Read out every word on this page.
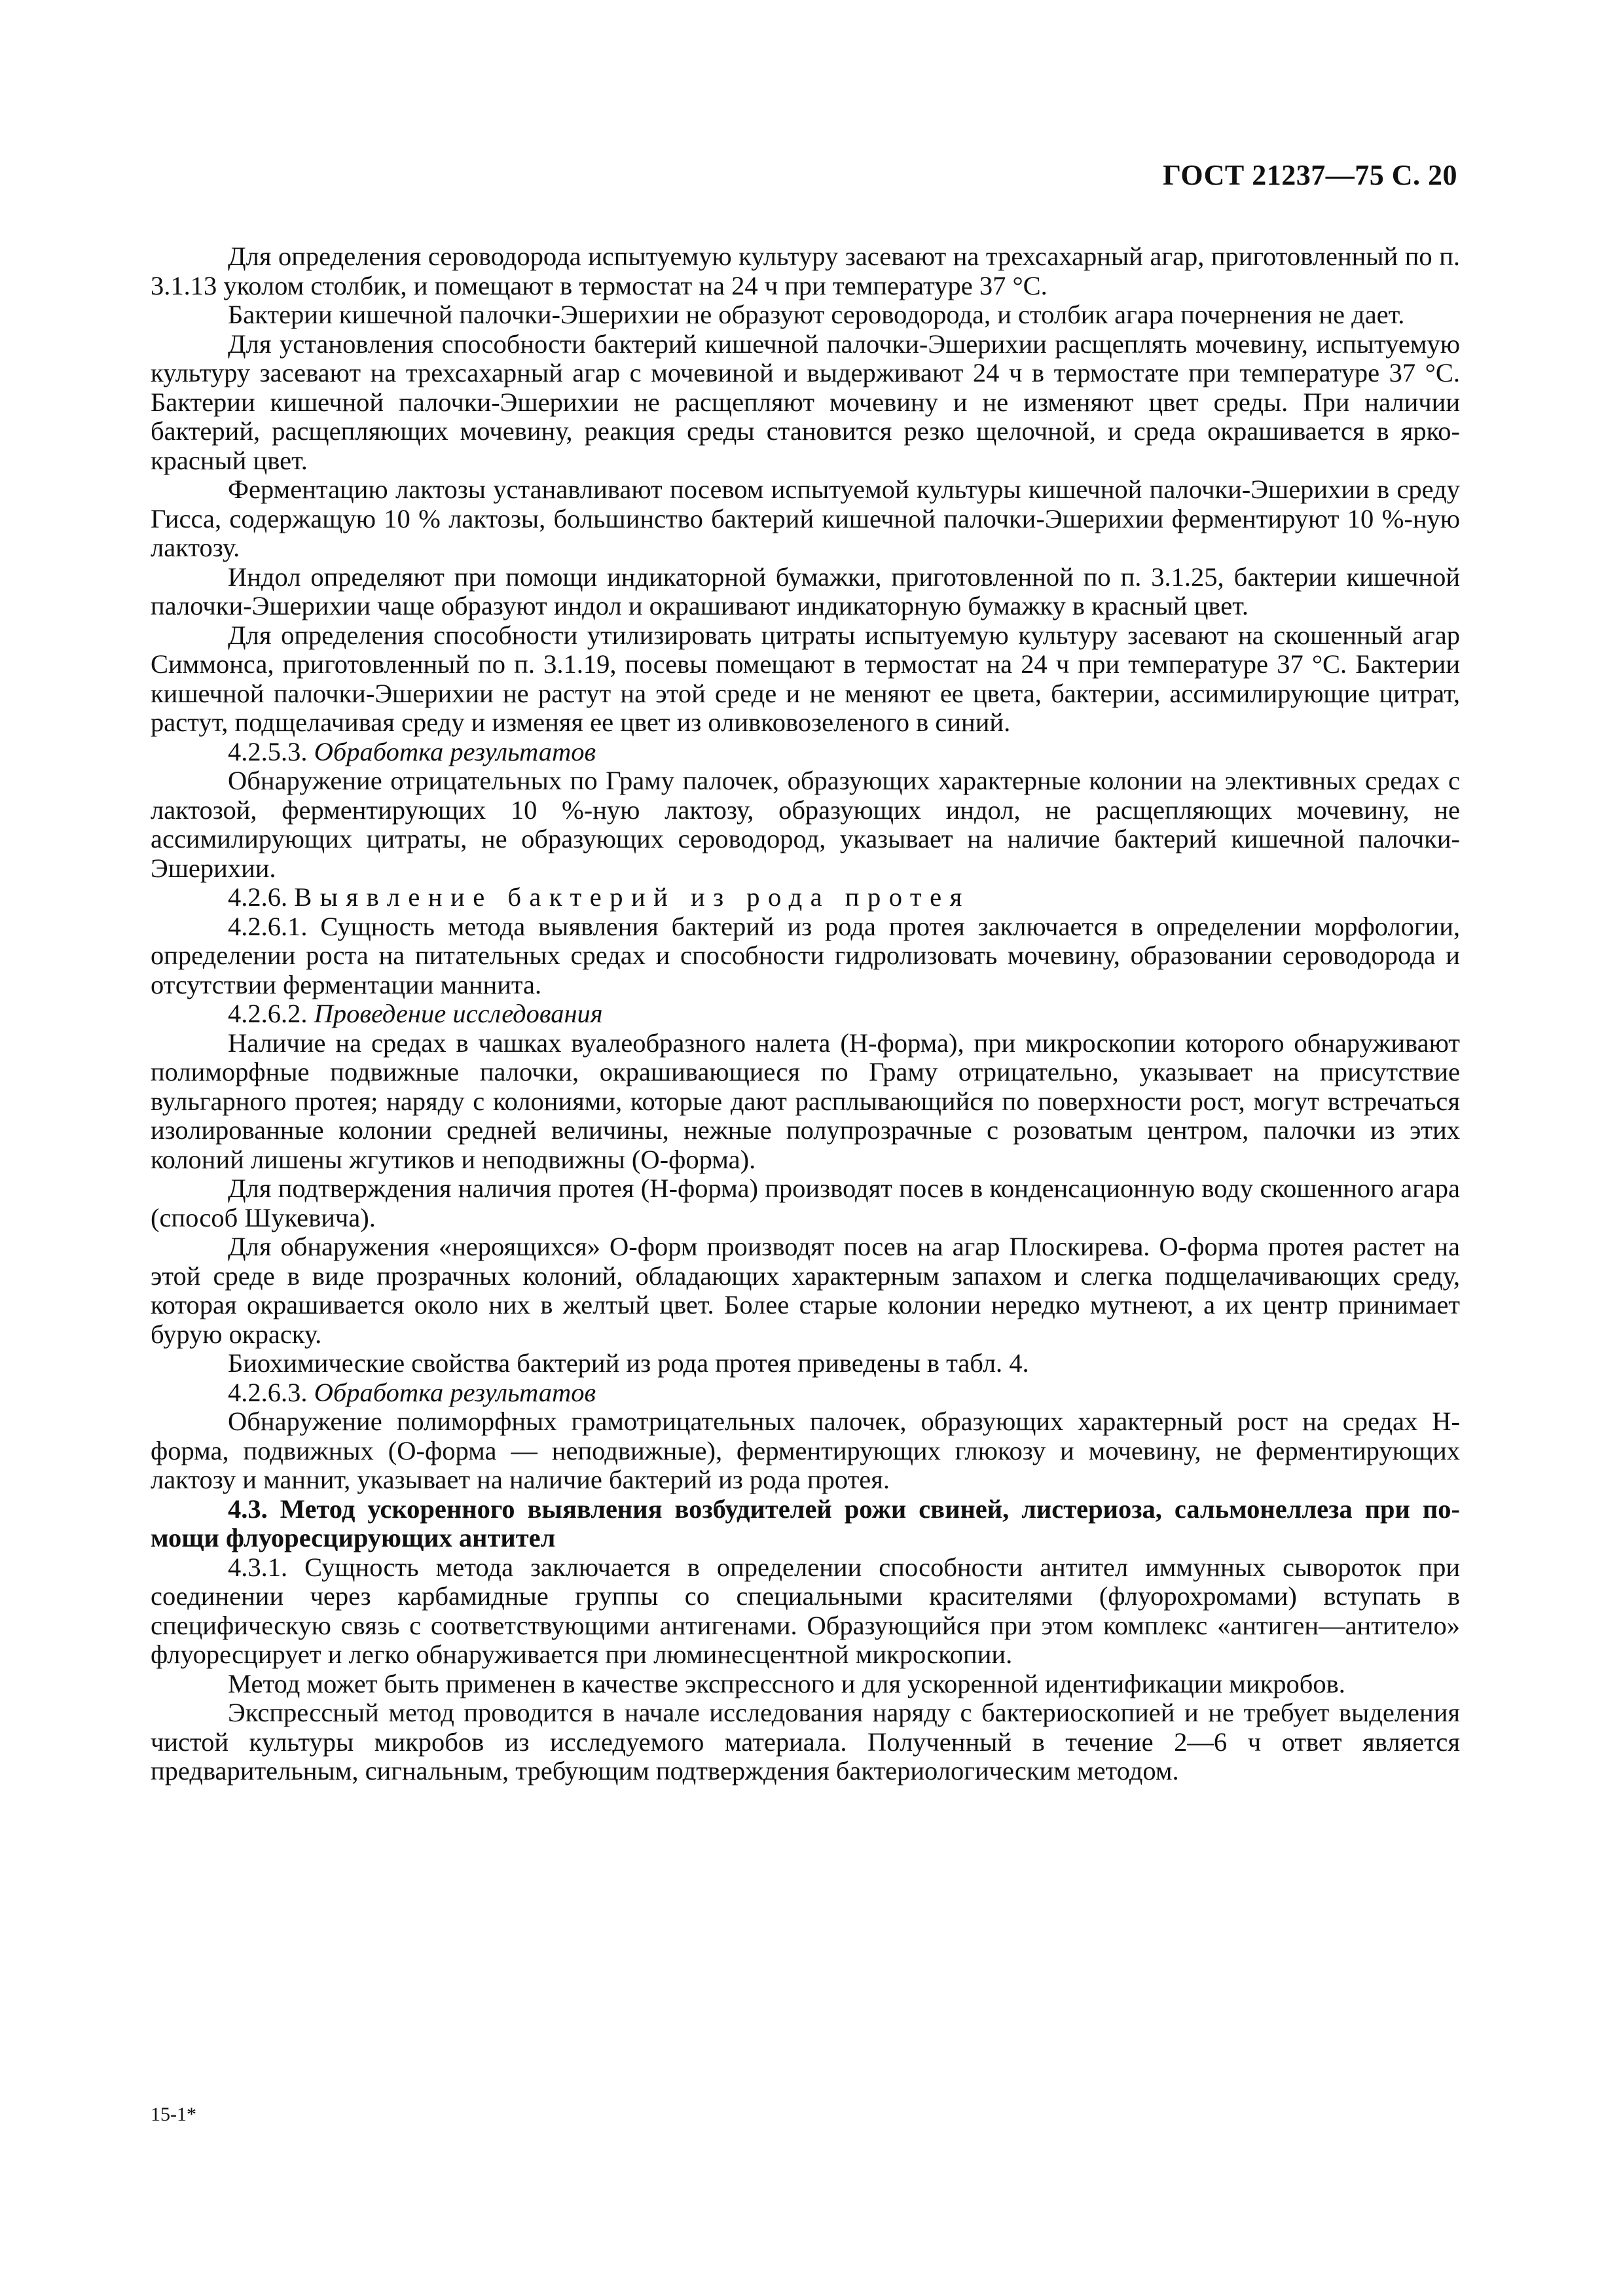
ГОСТ 21237—75 С. 20

Для определения сероводорода испытуемую культуру засевают на трехсахарный агар, приготовленный по п. 3.1.13 уколом столбик, и помещают в термостат на 24 ч при температуре 37 °С.

Бактерии кишечной палочки-Эшерихии не образуют сероводорода, и столбик агара почернения не дает.

Для установления способности бактерий кишечной палочки-Эшерихии расщеплять мочевину, испытуемую культуру засевают на трехсахарный агар с мочевиной и выдерживают 24 ч в термостате при температуре 37 °С. Бактерии кишечной палочки-Эшерихии не расщепляют мочевину и не изменяют цвет среды. При наличии бактерий, расщепляющих мочевину, реакция среды становится резко щелочной, и среда окрашивается в ярко-красный цвет.

Ферментацию лактозы устанавливают посевом испытуемой культуры кишечной палочки-Эшерихии в среду Гисса, содержащую 10 % лактозы, большинство бактерий кишечной палочки-Эшерихии ферментируют 10 %-ную лактозу.

Индол определяют при помощи индикаторной бумажки, приготовленной по п. 3.1.25, бактерии кишечной палочки-Эшерихии чаще образуют индол и окрашивают индикаторную бумажку в красный цвет.

Для определения способности утилизировать цитраты испытуемую культуру засевают на скошенный агар Симмонса, приготовленный по п. 3.1.19, посевы помещают в термостат на 24 ч при температуре 37 °С. Бактерии кишечной палочки-Эшерихии не растут на этой среде и не меняют ее цвета, бактерии, ассимилирующие цитрат, растут, подщелачивая среду и изменяя ее цвет из оливковозеленого в синий.

4.2.5.3. Обработка результатов

Обнаружение отрицательных по Граму палочек, образующих характерные колонии на элективных средах с лактозой, ферментирующих 10 %-ную лактозу, образующих индол, не расщепляющих мочевину, не ассимилирующих цитраты, не образующих сероводород, указывает на наличие бактерий кишечной палочки-Эшерихии.

4.2.6. Выявление бактерий из рода протея

4.2.6.1. Сущность метода выявления бактерий из рода протея заключается в определении морфологии, определении роста на питательных средах и способности гидролизовать мочевину, образовании сероводорода и отсутствии ферментации маннита.

4.2.6.2. Проведение исследования

Наличие на средах в чашках вуалеобразного налета (Н-форма), при микроскопии которого обнаруживают полиморфные подвижные палочки, окрашивающиеся по Граму отрицательно, указывает на присутствие вульгарного протея; наряду с колониями, которые дают расплывающийся по поверхности рост, могут встречаться изолированные колонии средней величины, нежные полупрозрачные с розоватым центром, палочки из этих колоний лишены жгутиков и неподвижны (О-форма).

Для подтверждения наличия протея (Н-форма) производят посев в конденсационную воду скошенного агара (способ Шукевича).

Для обнаружения «нероящихся» О-форм производят посев на агар Плоскирева. О-форма протея растет на этой среде в виде прозрачных колоний, обладающих характерным запахом и слегка подщелачивающих среду, которая окрашивается около них в желтый цвет. Более старые колонии нередко мутнеют, а их центр принимает бурую окраску.

Биохимические свойства бактерий из рода протея приведены в табл. 4.

4.2.6.3. Обработка результатов

Обнаружение полиморфных грамотрицательных палочек, образующих характерный рост на средах Н-форма, подвижных (О-форма — неподвижные), ферментирующих глюкозу и мочевину, не ферментирующих лактозу и маннит, указывает на наличие бактерий из рода протея.

4.3. Метод ускоренного выявления возбудителей рожи свиней, листериоза, сальмонеллеза при помощи флуоресцирующих антител

4.3.1. Сущность метода заключается в определении способности антител иммунных сывороток при соединении через карбамидные группы со специальными красителями (флуорохромами) вступать в специфическую связь с соответствующими антигенами. Образующийся при этом комплекс «антиген—антитело» флуоресцирует и легко обнаруживается при люминесцентной микроскопии.

Метод может быть применен в качестве экспрессного и для ускоренной идентификации микробов.

Экспрессный метод проводится в начале исследования наряду с бактериоскопией и не требует выделения чистой культуры микробов из исследуемого материала. Полученный в течение 2—6 ч ответ является предварительным, сигнальным, требующим подтверждения бактериологическим методом.

15-1*
